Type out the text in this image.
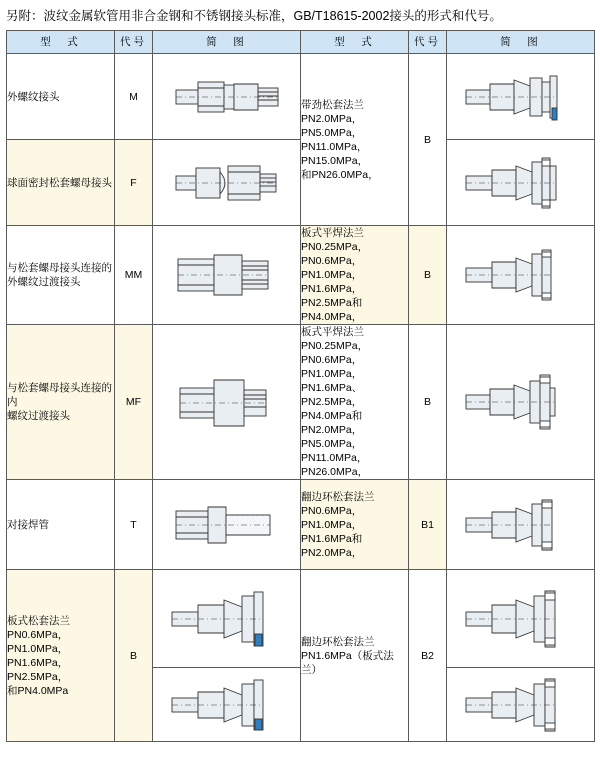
另附：波纹金属软管用非合金钢和不锈钢接头标准，GB/T18615-2002接头的形式和代号。
型　式	代号	简　图	型　式	代号	简　图

外螺纹接头	M		带劲松套法兰
PN2.0MPa，PN5.0MPa，
PN11.0MPa，PN15.0MPa，
和PN26.0MPa，	B	

球面密封松套螺母接头	F	

与松套螺母接头连接的
外螺纹过渡接头	MM		板式平焊法兰
PN0.25MPa，PN0.6MPa，
PN1.0MPa，PN1.6MPa，
PN2.5MPa和PN4.0MPa，	B	

与松套螺母接头连接的内
螺纹过渡接头
	MF	

板式平焊法兰
PN0.25MPa，PN0.6MPa，
PN1.0MPa，PN1.6MPa、
PN2.5MPa，PN4.0MPa和
PN2.0MPa，PN5.0MPa，
PN11.0MPa，PN26.0MPa，
	B	

对接焊管	T		翻边环松套法兰
PN0.6MPa，PN1.0MPa，
PN1.6MPa和PN2.0MPa，	B1	

板式松套法兰
PN0.6MPa，PN1.0MPa，
PN1.6MPa，PN2.5MPa，
和PN4.0MPa	B		翻边环松套法兰
PN1.6MPa（板式法兰）	B2	
